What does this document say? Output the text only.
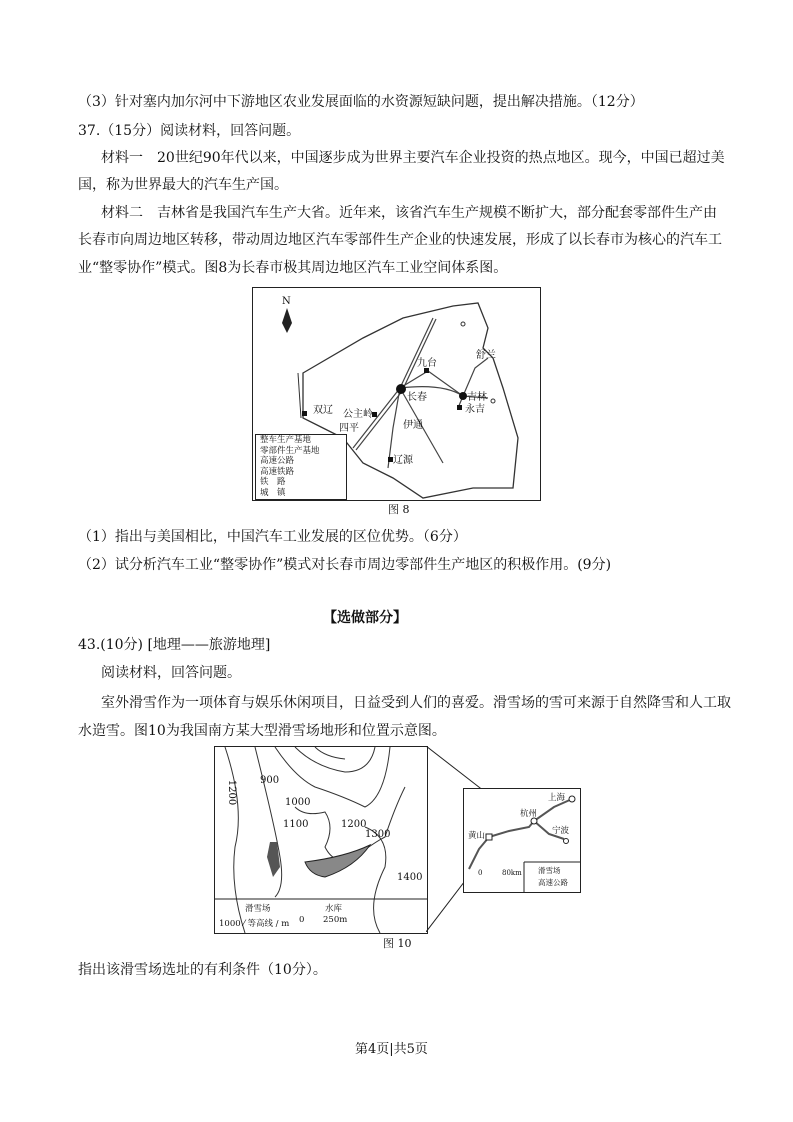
（3）针对塞内加尔河中下游地区农业发展面临的水资源短缺问题，提出解决措施。（12分）
37.（15分）阅读材料，回答问题。
材料一　20世纪90年代以来，中国逐步成为世界主要汽车企业投资的热点地区。现今，中国已超过美
国，称为世界最大的汽车生产国。
材料二　吉林省是我国汽车生产大省。近年来，该省汽车生产规模不断扩大，部分配套零部件生产由
长春市向周边地区转移，带动周边地区汽车零部件生产企业的快速发展，形成了以长春市为核心的汽车工
业“整零协作”模式。图8为长春市极其周边地区汽车工业空间体系图。
N
长春
九台
舒兰
吉林
永吉
公主岭
四平
双辽
伊通
辽源
整车生产基地
零部件生产基地
高速公路
高速铁路
铁　路
城　镇
图 8
（1）指出与美国相比，中国汽车工业发展的区位优势。（6分）
（2）试分析汽车工业“整零协作”模式对长春市周边零部件生产地区的积极作用。(9分)
【选做部分】
43.(10分) [地理——旅游地理]
阅读材料，回答问题。
室外滑雪作为一项体育与娱乐休闲项目，日益受到人们的喜爱。滑雪场的雪可来源于自然降雪和人工取
水造雪。图10为我国南方某大型滑雪场地形和位置示意图。
900
1000
1100	1200
1300
1400
1200
滑雪场	水库
1000 ⁄ 等高线 / m 0 250m
上海
杭州
宁波
黄山
0	80km 滑雪场
高速公路
图 10
指出该滑雪场选址的有利条件（10分）。
第4页|共5页
